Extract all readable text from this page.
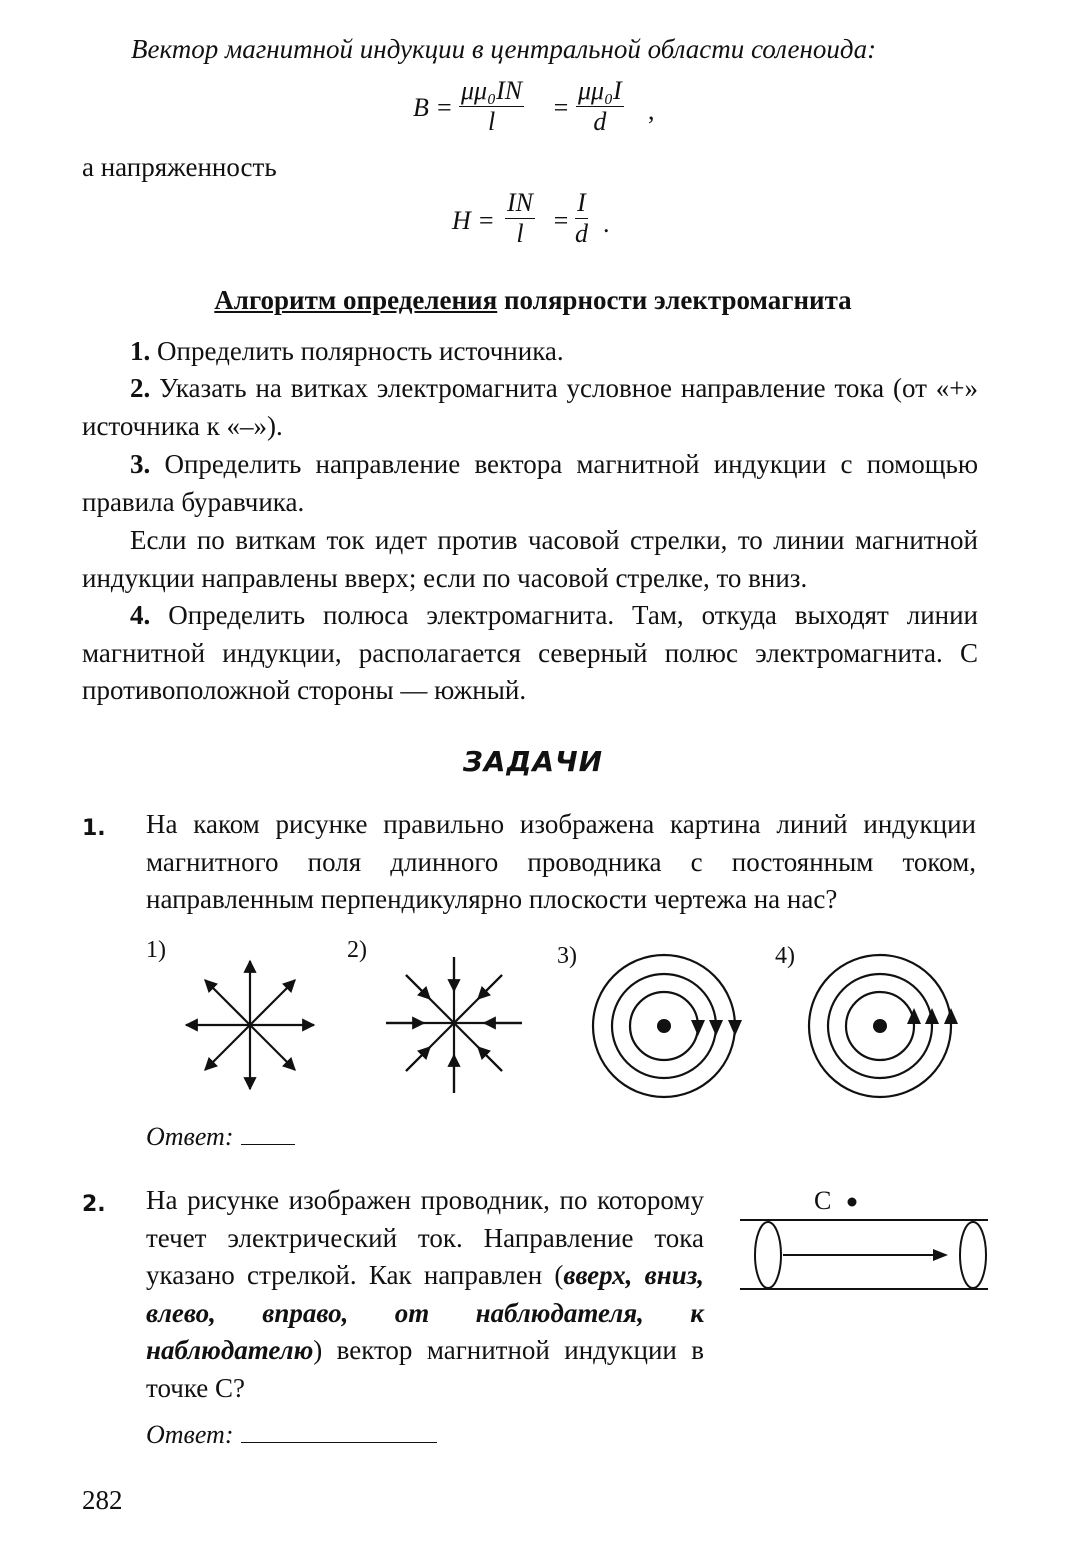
Вектор магнитной индукции в центральной области соленоида:
$B = \frac{\text{μμ₀IN}}{l} = \frac{\text{μμ₀I}}{d}$ ,
а напряженность
$H = \frac{IN}{l} = \frac{I}{d}$ .
Алгоритм определения полярности электромагнита
1. Определить полярность источника.
2. Указать на витках электромагнита условное направление тока (от «+» источника к «–»).
3. Определить направление вектора магнитной индукции с помощью правила буравчика.
Если по виткам ток идет против часовой стрелки, то линии магнитной индукции направлены вверх; если по часовой стрелке, то вниз.
4. Определить полюса электромагнита. Там, откуда выходят линии магнитной индукции, располагается северный полюс электромагнита. С противоположной стороны — южный.
ЗАДАЧИ
1. На каком рисунке правильно изображена картина линий индукции магнитного поля длинного проводника с постоянным током, направленным перпендикулярно плоскости чертежа на нас?
1)	2)	3)	4)
Ответ:
2. На рисунке изображен проводник, по которому течет электрический ток. Направление тока указано стрелкой. Как направлен (вверх, вниз, влево, вправо, от наблюдателя, к наблюдателю) вектор магнитной индукции в точке С?
С
Ответ:
282
